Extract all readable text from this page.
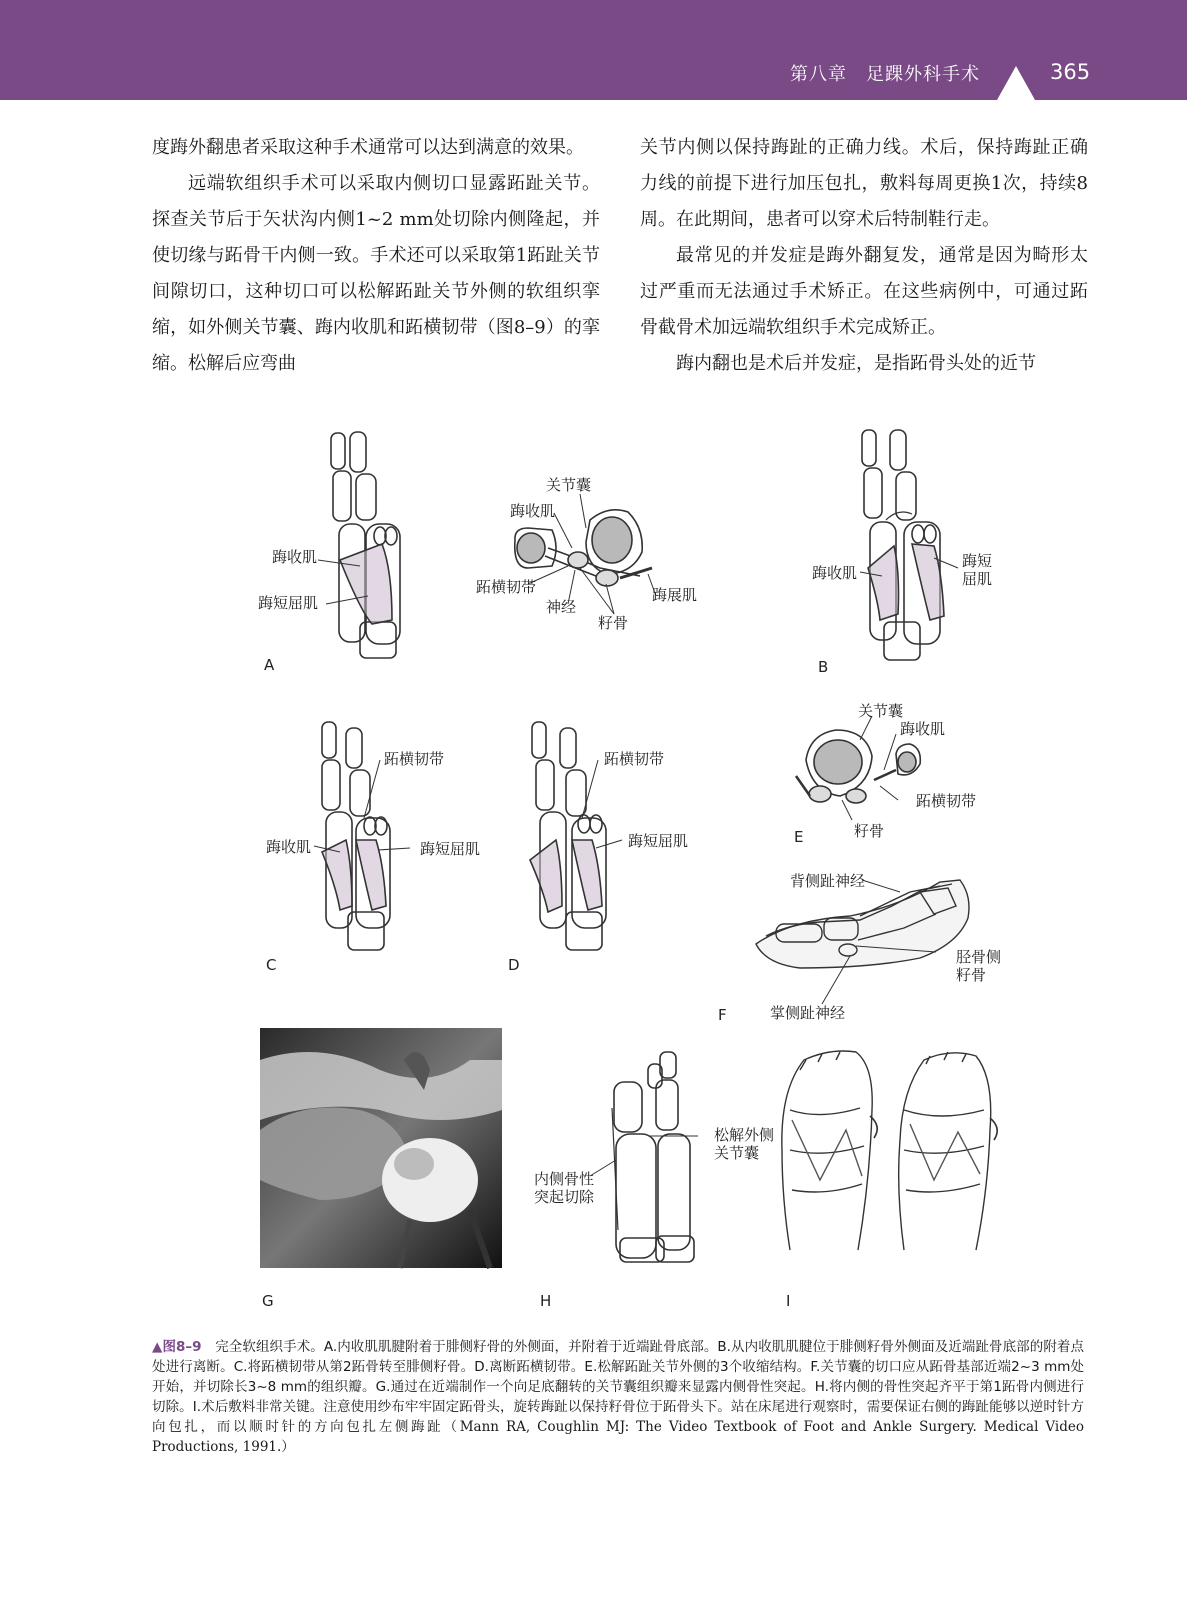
第八章　足踝外科手术	365

度踇外翻患者采取这种手术通常可以达到满意的效果。

远端软组织手术可以采取内侧切口显露跖趾关节。探查关节后于矢状沟内侧1~2 mm处切除内侧隆起，并使切缘与跖骨干内侧一致。手术还可以采取第1跖趾关节间隙切口，这种切口可以松解跖趾关节外侧的软组织挛缩，如外侧关节囊、踇内收肌和跖横韧带（图8–9）的挛缩。松解后应弯曲

关节内侧以保持踇趾的正确力线。术后，保持踇趾正确力线的前提下进行加压包扎，敷料每周更换1次，持续8周。在此期间，患者可以穿术后特制鞋行走。

最常见的并发症是踇外翻复发，通常是因为畸形太过严重而无法通过手术矫正。在这些病例中，可通过跖骨截骨术加远端软组织手术完成矫正。

踇内翻也是术后并发症，是指跖骨头处的近节

踇收肌
踇短屈肌
关节囊
踇收肌
跖横韧带
神经
籽骨
踇展肌
踇收肌
踇短
屈肌
跖横韧带
踇收肌	踇短屈肌
跖横韧带
踇短屈肌
关节囊
踇收肌
跖横韧带
籽骨
背侧趾神经
胫骨侧
籽骨
掌侧趾神经
松解外侧
关节囊
内侧骨性
突起切除
A	B
C	D
E
F
G	H	I
▲图8–9　完全软组织手术。A.内收肌肌腱附着于腓侧籽骨的外侧面，并附着于近端趾骨底部。B.从内收肌肌腱位于腓侧籽骨外侧面及近端趾骨底部的附着点处进行离断。C.将跖横韧带从第2跖骨转至腓侧籽骨。D.离断跖横韧带。E.松解跖趾关节外侧的3个收缩结构。F.关节囊的切口应从跖骨基部近端2~3 mm处开始，并切除长3~8 mm的组织瓣。G.通过在近端制作一个向足底翻转的关节囊组织瓣来显露内侧骨性突起。H.将内侧的骨性突起齐平于第1跖骨内侧进行切除。I.术后敷料非常关键。注意使用纱布牢牢固定跖骨头，旋转踇趾以保持籽骨位于跖骨头下。站在床尾进行观察时，需要保证右侧的踇趾能够以逆时针方向包扎，而以顺时针的方向包扎左侧踇趾（Mann RA, Coughlin MJ: The Video Textbook of Foot and Ankle Surgery. Medical Video Productions, 1991.）
